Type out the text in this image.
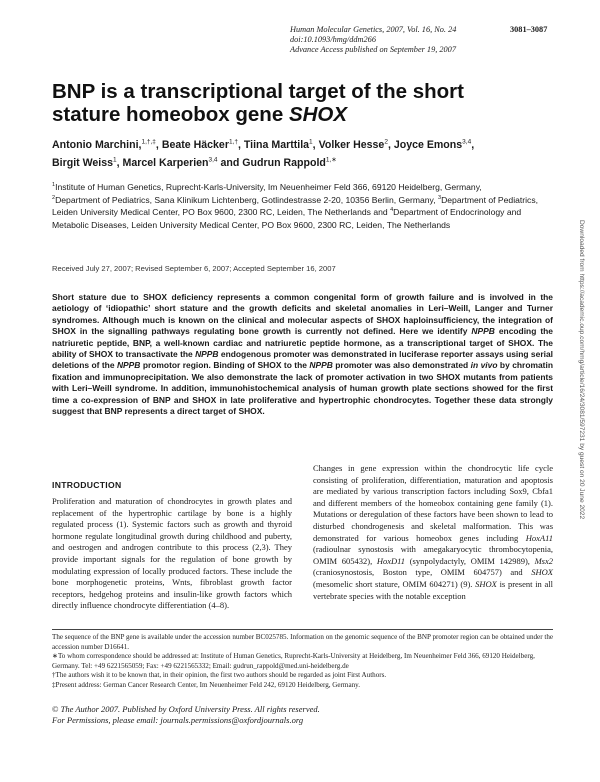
Human Molecular Genetics, 2007, Vol. 16, No. 24
doi:10.1093/hmg/ddm266
Advance Access published on September 19, 2007
3081–3087
BNP is a transcriptional target of the short stature homeobox gene SHOX
Antonio Marchini,$^{1,\dagger,\ddagger}$, Beate Häcker$^{1,\dagger}$, Tiina Marttila$^1$, Volker Hesse$^2$, Joyce Emons$^{3,4}$,
Birgit Weiss$^1$, Marcel Karperien$^{3,4}$ and Gudrun Rappold$^{1,∗}$
$^1$Institute of Human Genetics, Ruprecht-Karls-University, Im Neuenheimer Feld 366, 69120 Heidelberg, Germany,
$^2$Department of Pediatrics, Sana Klinikum Lichtenberg, Gotlindestrasse 2-20, 10356 Berlin, Germany, $^3$Department of Pediatrics, Leiden University Medical Center, PO Box 9600, 2300 RC, Leiden, The Netherlands and $^4$Department of Endocrinology and Metabolic Diseases, Leiden University Medical Center, PO Box 9600, 2300 RC, Leiden, The Netherlands
Received July 27, 2007; Revised September 6, 2007; Accepted September 16, 2007
Short stature due to SHOX deficiency represents a common congenital form of growth failure and is involved in the aetiology of ‘idiopathic’ short stature and the growth deficits and skeletal anomalies in Leri–Weill, Langer and Turner syndromes. Although much is known on the clinical and molecular aspects of SHOX haploinsufficiency, the integration of SHOX in the signalling pathways regulating bone growth is currently not defined. Here we identify NPPB encoding the natriuretic peptide, BNP, a well-known cardiac and natriuretic peptide hormone, as a transcriptional target of SHOX. The ability of SHOX to transactivate the NPPB endogenous promoter was demonstrated in luciferase reporter assays using serial deletions of the NPPB promotor region. Binding of SHOX to the NPPB promoter was also demonstrated in vivo by chromatin fixation and immunoprecipitation. We also demonstrate the lack of promoter activation in two SHOX mutants from patients with Leri–Weill syndrome. In addition, immunohistochemical analysis of human growth plate sections showed for the first time a co-expression of BNP and SHOX in late proliferative and hypertrophic chondrocytes. Together these data strongly suggest that BNP represents a direct target of SHOX.
INTRODUCTION
Proliferation and maturation of chondrocytes in growth plates and replacement of the hypertrophic cartilage by bone is a highly regulated process (1). Systemic factors such as growth and thyroid hormone regulate longitudinal growth during childhood and puberty, and oestrogen and androgen contribute to this process (2,3). They provide important signals for the regulation of bone growth by modulating expression of locally produced factors. These include the bone morphogenetic proteins, Wnts, fibroblast growth factor receptors, hedgehog proteins and insulin-like growth factors which directly influence chondrocyte differentiation (4–8).
Changes in gene expression within the chondrocytic life cycle consisting of proliferation, differentiation, maturation and apoptosis are mediated by various transcription factors including Sox9, Cbfa1 and different members of the homeobox containing gene family (1). Mutations or deregulation of these factors have been shown to lead to disturbed chondrogenesis and skeletal malformation. This was demonstrated for various homeobox genes including HoxA11 (radioulnar synostosis with amegakaryocytic thrombocytopenia, OMIM 605432), HoxD11 (synpolydactyly, OMIM 142989), Msx2 (craniosynostosis, Boston type, OMIM 604757) and SHOX (mesomelic short stature, OMIM 604271) (9). SHOX is present in all vertebrate species with the notable exception

The sequence of the BNP gene is available under the accession number BC025785. Information on the genomic sequence of the BNP promoter region can be obtained under the accession number D16641.

∗To whom correspondence should be addressed at: Institute of Human Genetics, Ruprecht-Karls-University at Heidelberg, Im Neuenheimer Feld 366, 69120 Heidelberg, Germany. Tel: +49 6221565059; Fax: +49 6221565332; Email: gudrun_rappold@med.uni-heidelberg.de

†The authors wish it to be known that, in their opinion, the first two authors should be regarded as joint First Authors.

‡Present address: German Cancer Research Center, Im Neuenheimer Feld 242, 69120 Heidelberg, Germany.

© The Author 2007. Published by Oxford University Press. All rights reserved.
For Permissions, please email: journals.permissions@oxfordjournals.org
Downloaded from https://academic.oup.com/hmg/article/16/24/3081/597231 by guest on 20 June 2022
